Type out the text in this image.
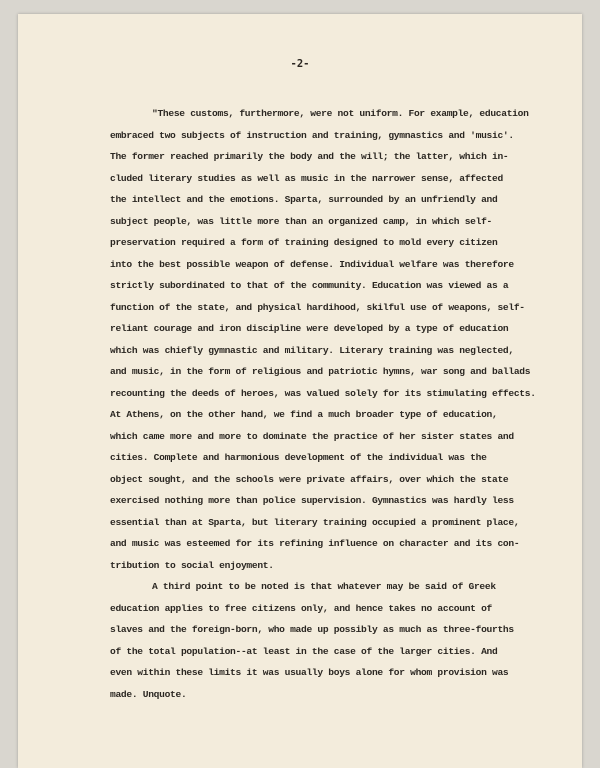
-2-
"These customs, furthermore, were not uniform. For example, education
embraced two subjects of instruction and training, gymnastics and 'music'.
The former reached primarily the body and the will; the latter, which in-
cluded literary studies as well as music in the narrower sense, affected
the intellect and the emotions. Sparta, surrounded by an unfriendly and
subject people, was little more than an organized camp, in which self-
preservation required a form of training designed to mold every citizen
into the best possible weapon of defense. Individual welfare was therefore
strictly subordinated to that of the community. Education was viewed as a
function of the state, and physical hardihood, skilful use of weapons, self-
reliant courage and iron discipline were developed by a type of education
which was chiefly gymnastic and military. Literary training was neglected,
and music, in the form of religious and patriotic hymns, war song and ballads
recounting the deeds of heroes, was valued solely for its stimulating effects.
At Athens, on the other hand, we find a much broader type of education,
which came more and more to dominate the practice of her sister states and
cities. Complete and harmonious development of the individual was the
object sought, and the schools were private affairs, over which the state
exercised nothing more than police supervision. Gymnastics was hardly less
essential than at Sparta, but literary training occupied a prominent place,
and music was esteemed for its refining influence on character and its con-
tribution to social enjoyment.
A third point to be noted is that whatever may be said of Greek
education applies to free citizens only, and hence takes no account of
slaves and the foreign-born, who made up possibly as much as three-fourths
of the total population--at least in the case of the larger cities. And
even within these limits it was usually boys alone for whom provision was
made. Unquote.
